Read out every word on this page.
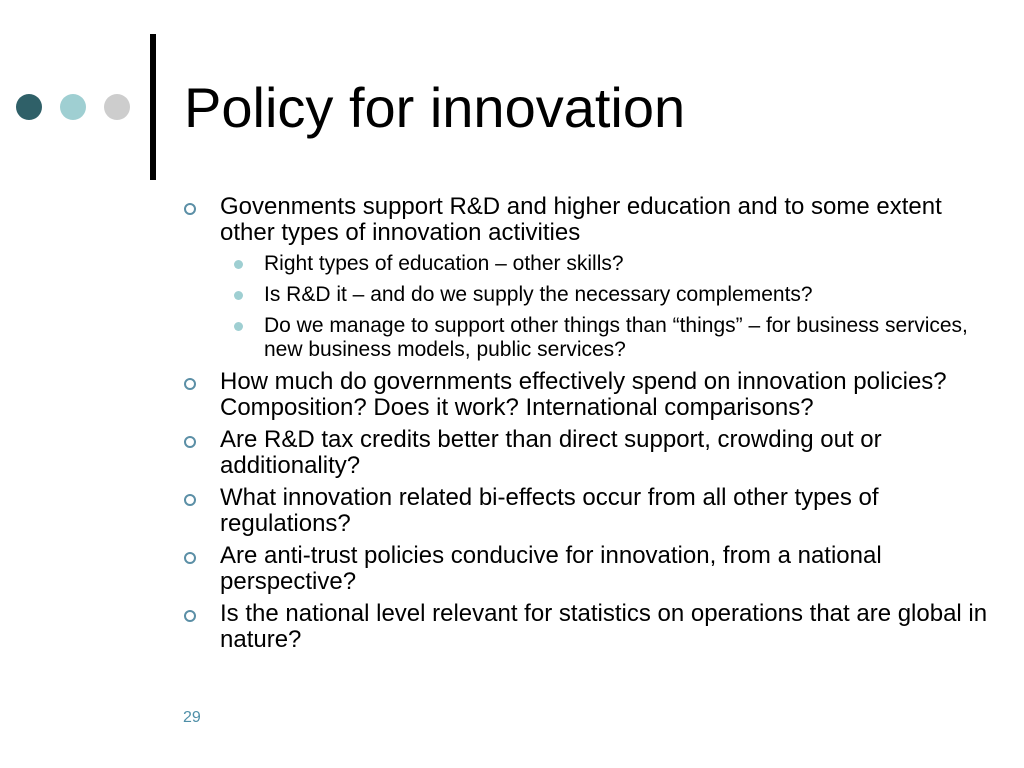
Policy for innovation
Govenments support R&D and higher education and to some extent other types of innovation activities
Right types of education – other skills?
Is R&D it – and do we supply the necessary complements?
Do we manage to support other things than “things” – for business services, new business models, public services?
How much do governments effectively spend on innovation policies? Composition? Does it work? International comparisons?
Are R&D tax credits better than direct support, crowding out or additionality?
What innovation related bi-effects occur from all other types of regulations?
Are anti-trust policies conducive for innovation, from a national perspective?
Is the national level relevant for statistics on operations that are global in nature?
29
